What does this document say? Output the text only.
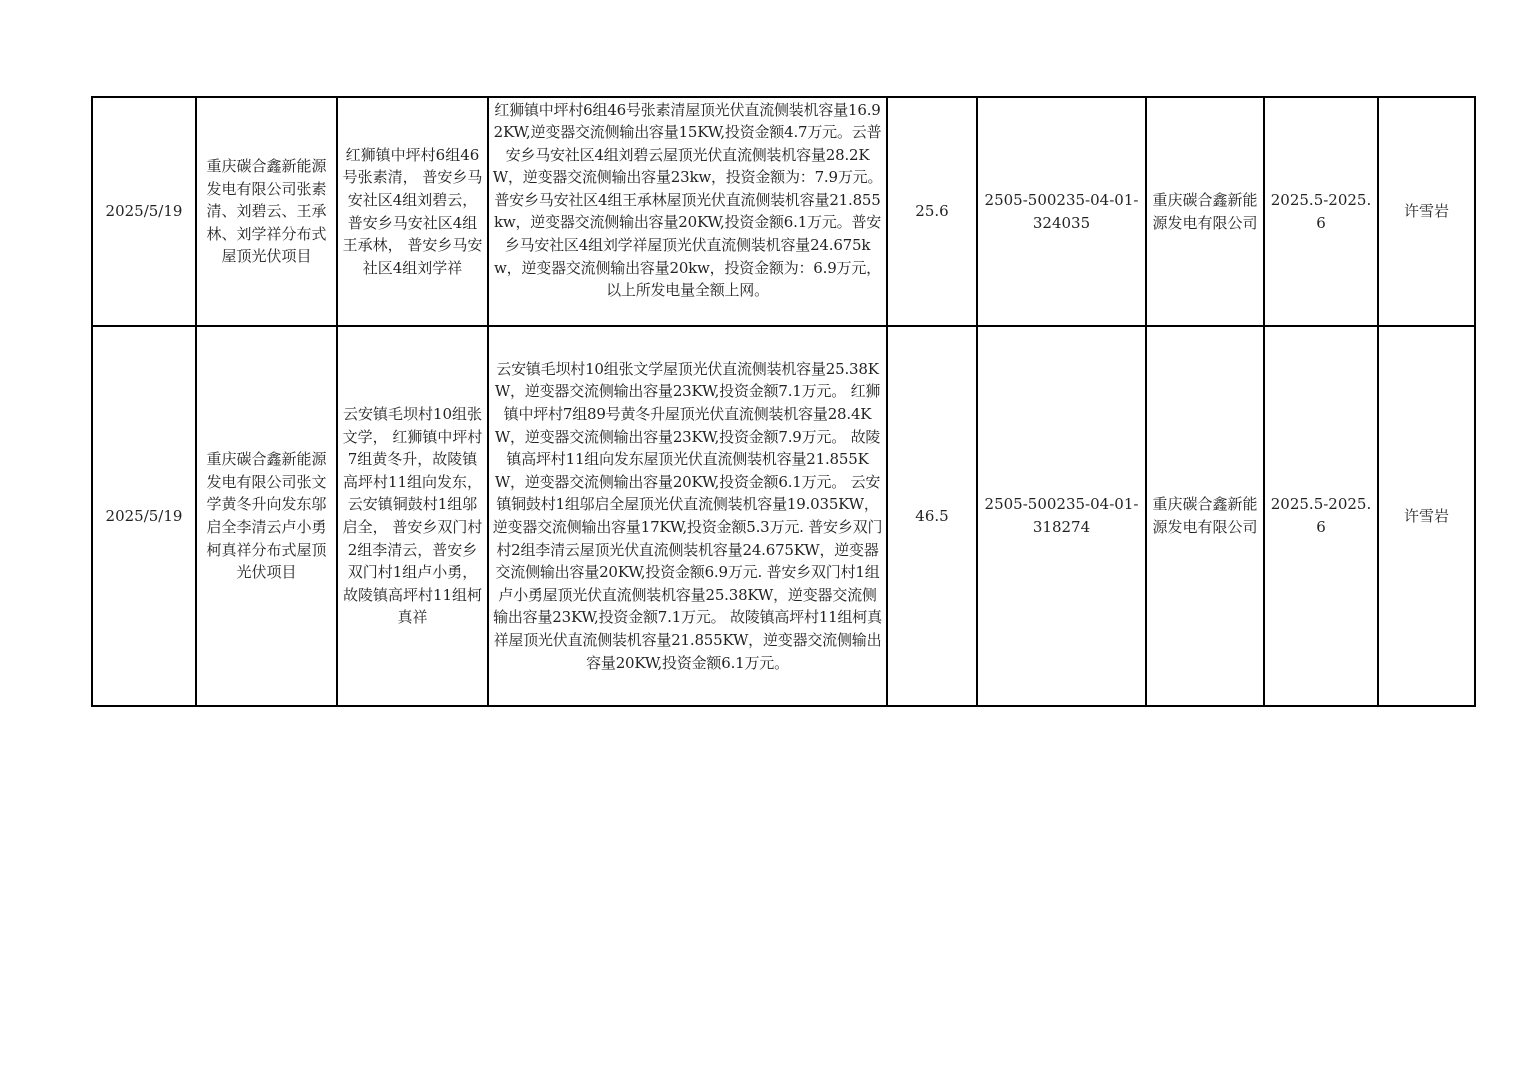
2025/5/19	重庆碳合鑫新能源发电有限公司张素清、刘碧云、王承林、刘学祥分布式屋顶光伏项目	红狮镇中坪村6组46号张素清， 普安乡马安社区4组刘碧云， 普安乡马安社区4组王承林， 普安乡马安社区4组刘学祥	红狮镇中坪村6组46号张素清屋顶光伏直流侧装机容量16.92KW,逆变器交流侧输出容量15KW,投资金额4.7万元。云普安乡马安社区4组刘碧云屋顶光伏直流侧装机容量28.2KW，逆变器交流侧输出容量23kw，投资金额为：7.9万元。普安乡马安社区4组王承林屋顶光伏直流侧装机容量21.855kw，逆变器交流侧输出容量20KW,投资金额6.1万元。普安乡马安社区4组刘学祥屋顶光伏直流侧装机容量24.675kw，逆变器交流侧输出容量20kw，投资金额为：6.9万元，以上所发电量全额上网。	25.6	2505-500235-04-01-324035	重庆碳合鑫新能源发电有限公司	2025.5-2025.6	许雪岩
2025/5/19	重庆碳合鑫新能源发电有限公司张文学黄冬升向发东邬启全李清云卢小勇柯真祥分布式屋顶光伏项目	云安镇毛坝村10组张文学， 红狮镇中坪村7组黄冬升，故陵镇高坪村11组向发东， 云安镇铜鼓村1组邬启全， 普安乡双门村2组李清云，普安乡双门村1组卢小勇，故陵镇高坪村11组柯真祥	云安镇毛坝村10组张文学屋顶光伏直流侧装机容量25.38KW，逆变器交流侧输出容量23KW,投资金额7.1万元。 红狮镇中坪村7组89号黄冬升屋顶光伏直流侧装机容量28.4KW，逆变器交流侧输出容量23KW,投资金额7.9万元。 故陵镇高坪村11组向发东屋顶光伏直流侧装机容量21.855KW，逆变器交流侧输出容量20KW,投资金额6.1万元。 云安镇铜鼓村1组邬启全屋顶光伏直流侧装机容量19.035KW，逆变器交流侧输出容量17KW,投资金额5.3万元. 普安乡双门村2组李清云屋顶光伏直流侧装机容量24.675KW，逆变器交流侧输出容量20KW,投资金额6.9万元. 普安乡双门村1组卢小勇屋顶光伏直流侧装机容量25.38KW，逆变器交流侧输出容量23KW,投资金额7.1万元。 故陵镇高坪村11组柯真祥屋顶光伏直流侧装机容量21.855KW，逆变器交流侧输出容量20KW,投资金额6.1万元。	46.5	2505-500235-04-01-318274	重庆碳合鑫新能源发电有限公司	2025.5-2025.6	许雪岩
